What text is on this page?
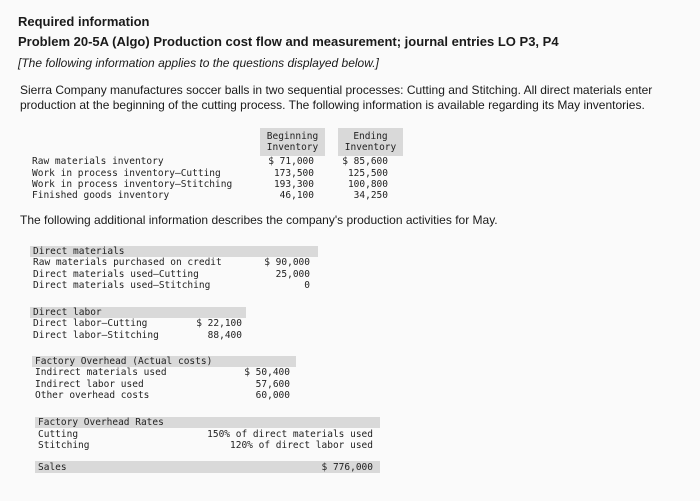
Required information
Problem 20-5A (Algo) Production cost flow and measurement; journal entries LO P3, P4
[The following information applies to the questions displayed below.]
Sierra Company manufactures soccer balls in two sequential processes: Cutting and Stitching. All direct materials enter production at the beginning of the cutting process. The following information is available regarding its May inventories.
Beginning
Inventory
Ending
Inventory
Raw materials inventory	$ 71,000	$ 85,600
Work in process inventory–Cutting	173,500	125,500
Work in process inventory–Stitching	193,300	100,800
Finished goods inventory	46,100	34,250
The following additional information describes the company's production activities for May.
Direct materials
Raw materials purchased on credit	$ 90,000
Direct materials used–Cutting	25,000
Direct materials used–Stitching	0
Direct labor
Direct labor–Cutting	$ 22,100
Direct labor–Stitching	88,400
Factory Overhead (Actual costs)
Indirect materials used	$ 50,400
Indirect labor used	57,600
Other overhead costs	60,000
Factory Overhead Rates
Cutting	150% of direct materials used
Stitching	120% of direct labor used
Sales	$ 776,000
